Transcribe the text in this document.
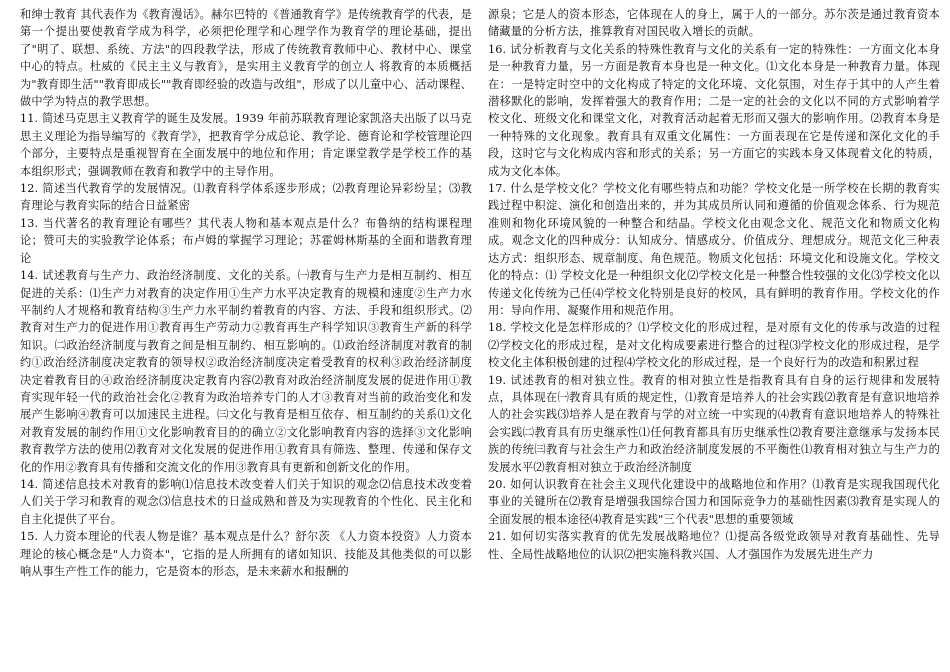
和绅士教育 其代表作为《教育漫话》。赫尔巴特的《普通教育学》是传统教育学的代表，是第一个提出要使教育学成为科学，必须把伦理学和心理学作为教育学的理论基础，提出了"明了、联想、系统、方法"的四段教学法，形成了传统教育教师中心、教材中心、课堂中心的特点。杜威的《民主主义与教育》，是实用主义教育学的创立人 将教育的本质概括为"教育即生活""教育即成长""教育即经验的改造与改组"，形成了以儿童中心、活动课程、做中学为特点的教学思想。

11. 简述马克思主义教育学的诞生及发展。1939 年前苏联教育理论家凯洛夫出版了以马克思主义理论为指导编写的《教育学》，把教育学分成总论、教学论、德育论和学校管理论四个部分，主要特点是重视智育在全面发展中的地位和作用；肯定课堂教学是学校工作的基本组织形式；强调教师在教育和教学中的主导作用。

12. 简述当代教育学的发展情况。⑴教育科学体系逐步形成；⑵教育理论异彩纷呈；⑶教育理论与教育实际的结合日益紧密

13. 当代著名的教育理论有哪些？其代表人物和基本观点是什么？布鲁纳的结构课程理论；赞可夫的实验教学论体系；布卢姆的掌握学习理论；苏霍姆林斯基的全面和谐教育理论

14. 试述教育与生产力、政治经济制度、文化的关系。㈠教育与生产力是相互制约、相互促进的关系：⑴生产力对教育的决定作用①生产力水平决定教育的规模和速度②生产力水平制约人才规格和教育结构③生产力水平制约着教育的内容、方法、手段和组织形式。⑵教育对生产力的促进作用①教育再生产劳动力②教育再生产科学知识③教育生产新的科学知识。㈡政治经济制度与教育之间是相互制约、相互影响的。⑴政治经济制度对教育的制约①政治经济制度决定教育的领导权②政治经济制度决定着受教育的权利③政治经济制度决定着教育目的④政治经济制度决定教育内容⑵教育对政治经济制度发展的促进作用①教育实现年轻一代的政治社会化②教育为政治培养专门的人才③教育对当前的政治变化和发展产生影响④教育可以加速民主进程。㈢文化与教育是相互依存、相互制约的关系⑴文化对教育发展的制约作用①文化影响教育目的的确立②文化影响教育内容的选择③文化影响教育教学方法的使用⑵教育对文化发展的促进作用①教育具有筛选、整理、传递和保存文化的作用②教育具有传播和交流文化的作用③教育具有更新和创新文化的作用。

14. 简述信息技术对教育的影响⑴信息技术改变着人们关于知识的观念⑵信息技术改变着人们关于学习和教育的观念⑶信息技术的日益成熟和普及为实现教育的个性化、民主化和自主化提供了平台。

15. 人力资本理论的代表人物是谁？基本观点是什么？舒尔茨 《人力资本投资》人力资本理论的核心概念是"人力资本"，它指的是人所拥有的诸如知识、技能及其他类似的可以影响从事生产性工作的能力，它是资本的形态，是未来薪水和报酬的

源泉；它是人的资本形态，它体现在人的身上，属于人的一部分。苏尔茨是通过教育资本储藏量的分析方法，推算教育对国民收入增长的贡献。

16. 试分析教育与文化关系的特殊性教育与文化的关系有一定的特殊性：一方面文化本身是一种教育力量，另一方面是教育本身也是一种文化。⑴文化本身是一种教育力量。体现在：一是特定时空中的文化构成了特定的文化环境、文化氛围，对生存于其中的人产生着潜移默化的影响，发挥着强大的教育作用；二是一定的社会的文化以不同的方式影响着学校文化、班级文化和课堂文化，对教育活动起着无形而又强大的影响作用。⑵教育本身是一种特殊的文化现象。教育具有双重文化属性：一方面表现在它是传递和深化文化的手段，这时它与文化构成内容和形式的关系；另一方面它的实践本身又体现着文化的特质，成为文化本体。

17. 什么是学校文化？学校文化有哪些特点和功能？学校文化是一所学校在长期的教育实践过程中积淀、演化和创造出来的，并为其成员所认同和遵循的价值观念体系、行为规范准则和物化环境风貌的一种整合和结晶。学校文化由观念文化、规范文化和物质文化构成。观念文化的四种成分：认知成分、情感成分、价值成分、理想成分。规范文化三种表达方式：组织形态、规章制度、角色规范。物质文化包括：环境文化和设施文化。学校文化的特点：⑴ 学校文化是一种组织文化⑵学校文化是一种整合性较强的文化⑶学校文化以传递文化传统为己任⑷学校文化特别是良好的校风，具有鲜明的教育作用。学校文化的作用：导向作用、凝聚作用和规范作用。

18. 学校文化是怎样形成的？⑴学校文化的形成过程，是对原有文化的传承与改造的过程⑵学校文化的形成过程，是对文化构成要素进行整合的过程⑶学校文化的形成过程，是学校文化主体积极创建的过程⑷学校文化的形成过程，是一个良好行为的改造和积累过程

19. 试述教育的相对独立性。教育的相对独立性是指教育具有自身的运行规律和发展特点，具体现在㈠教育具有质的规定性，⑴教育是培养人的社会实践⑵教育是有意识地培养人的社会实践⑶培养人是在教育与学的对立统一中实现的⑷教育有意识地培养人的特殊社会实践㈡教育具有历史继承性⑴任何教育都具有历史继承性⑵教育要注意继承与发扬本民族的传统㈢教育与社会生产力和政治经济制度发展的不平衡性⑴教育相对独立与生产力的发展水平⑵教育相对独立于政治经济制度

20. 如何认识教育在社会主义现代化建设中的战略地位和作用？⑴教育是实现我国现代化事业的关键所在⑵教育是增强我国综合国力和国际竞争力的基础性因素⑶教育是实现人的全面发展的根本途径⑷教育是实践"三个代表"思想的重要领域

21. 如何切实落实教育的优先发展战略地位？⑴提高各级党政领导对教育基础性、先导性、全局性战略地位的认识⑵把实施科教兴国、人才强国作为发展先进生产力
